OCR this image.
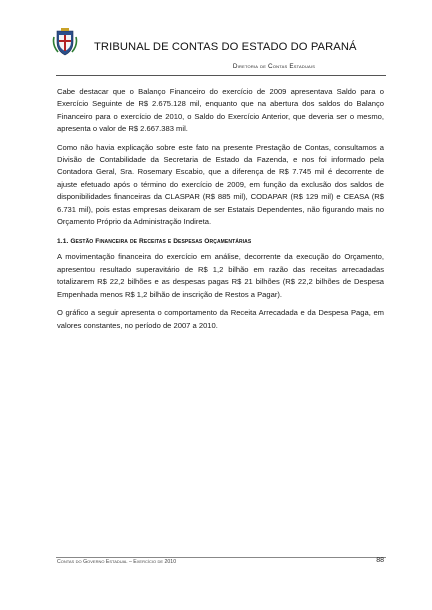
TRIBUNAL DE CONTAS DO ESTADO DO PARANÁ
Diretoria de Contas Estaduais

Cabe destacar que o Balanço Financeiro do exercício de 2009 apresentava Saldo para o Exercício Seguinte de R$ 2.675.128 mil, enquanto que na abertura dos saldos do Balanço Financeiro para o exercício de 2010, o Saldo do Exercício Anterior, que deveria ser o mesmo, apresenta o valor de R$ 2.667.383 mil.

Como não havia explicação sobre este fato na presente Prestação de Contas, consultamos a Divisão de Contabilidade da Secretaria de Estado da Fazenda, e nos foi informado pela Contadora Geral, Sra. Rosemary Escabio, que a diferença de R$ 7.745 mil é decorrente de ajuste efetuado após o término do exercício de 2009, em função da exclusão dos saldos de disponibilidades financeiras da CLASPAR (R$ 885 mil), CODAPAR (R$ 129 mil) e CEASA (R$ 6.731 mil), pois estas empresas deixaram de ser Estatais Dependentes, não figurando mais no Orçamento Próprio da Administração Indireta.

1.1. Gestão Financeira de Receitas e Despesas Orçamentárias

A movimentação financeira do exercício em análise, decorrente da execução do Orçamento, apresentou resultado superavitário de R$ 1,2 bilhão em razão das receitas arrecadadas totalizarem R$ 22,2 bilhões e as despesas pagas R$ 21 bilhões (R$ 22,2 bilhões de Despesa Empenhada menos R$ 1,2 bilhão de inscrição de Restos a Pagar).

O gráfico a seguir apresenta o comportamento da Receita Arrecadada e da Despesa Paga, em valores constantes, no período de 2007 a 2010.

Contas do Governo Estadual – Exercício de 2010	88
